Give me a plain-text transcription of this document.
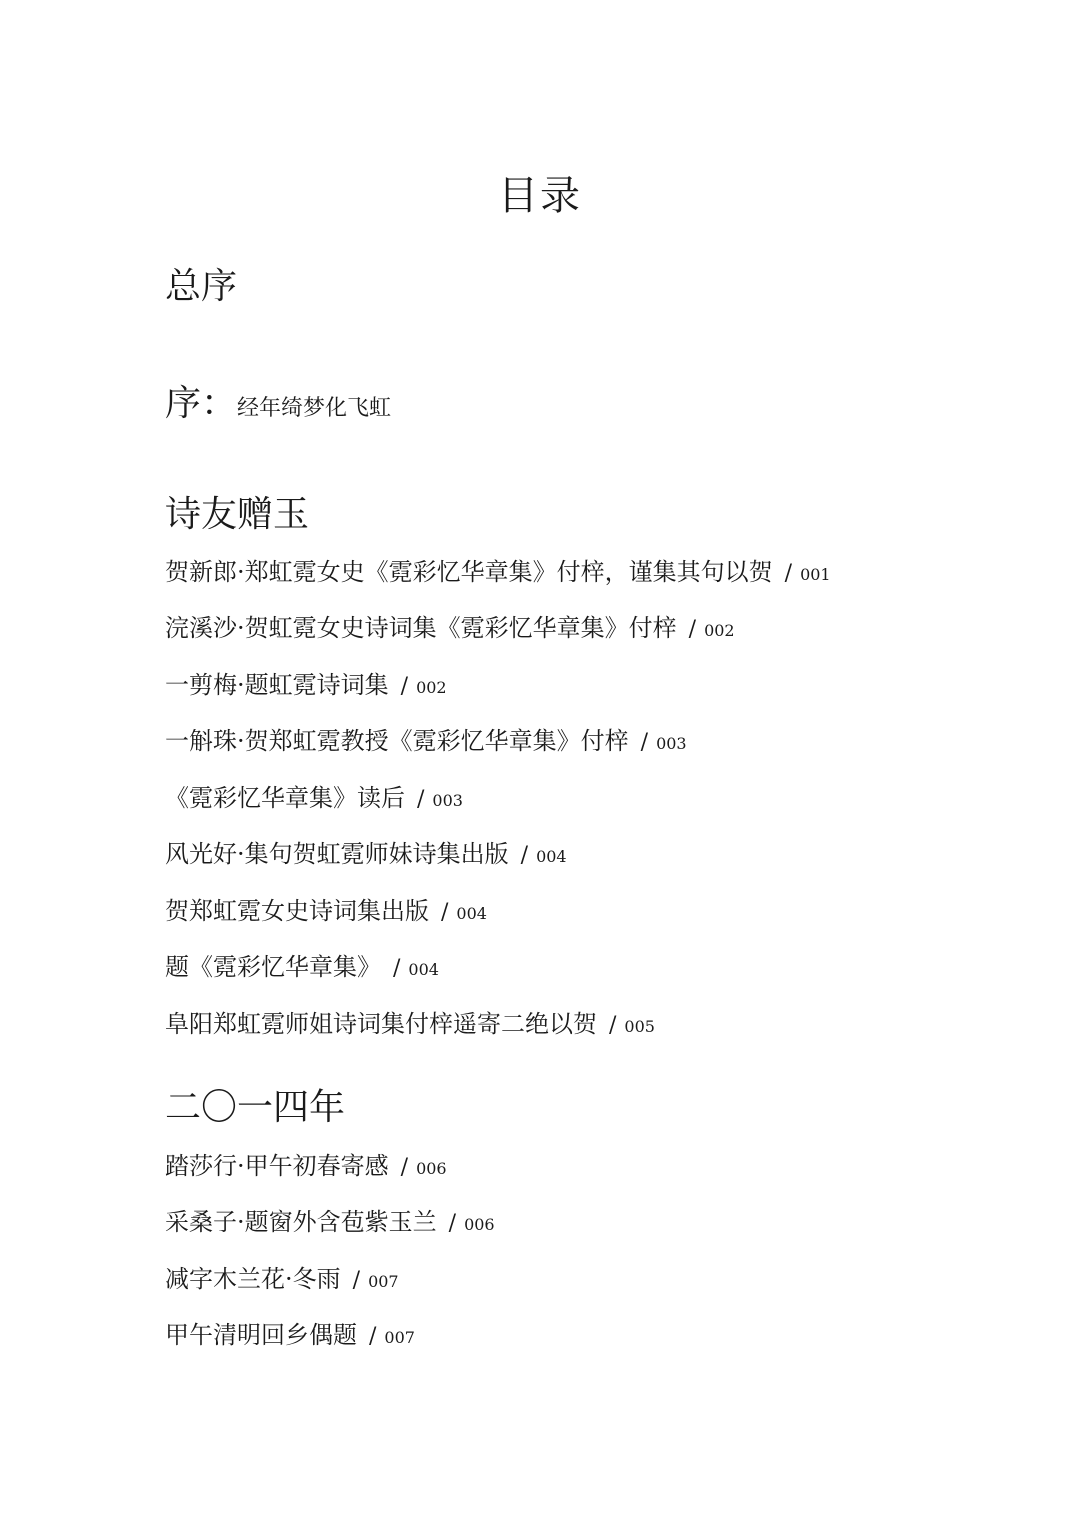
目录
总序
序：经年绮梦化飞虹
诗友赠玉
贺新郎·郑虹霓女史《霓彩忆华章集》付梓，谨集其句以贺 / 001
浣溪沙·贺虹霓女史诗词集《霓彩忆华章集》付梓 / 002
一剪梅·题虹霓诗词集 / 002
一斛珠·贺郑虹霓教授《霓彩忆华章集》付梓 / 003
《霓彩忆华章集》读后 / 003
风光好·集句贺虹霓师妹诗集出版 / 004
贺郑虹霓女史诗词集出版 / 004
题《霓彩忆华章集》 / 004
阜阳郑虹霓师姐诗词集付梓遥寄二绝以贺 / 005
二〇一四年
踏莎行·甲午初春寄感 / 006
采桑子·题窗外含苞紫玉兰 / 006
减字木兰花·冬雨 / 007
甲午清明回乡偶题 / 007
